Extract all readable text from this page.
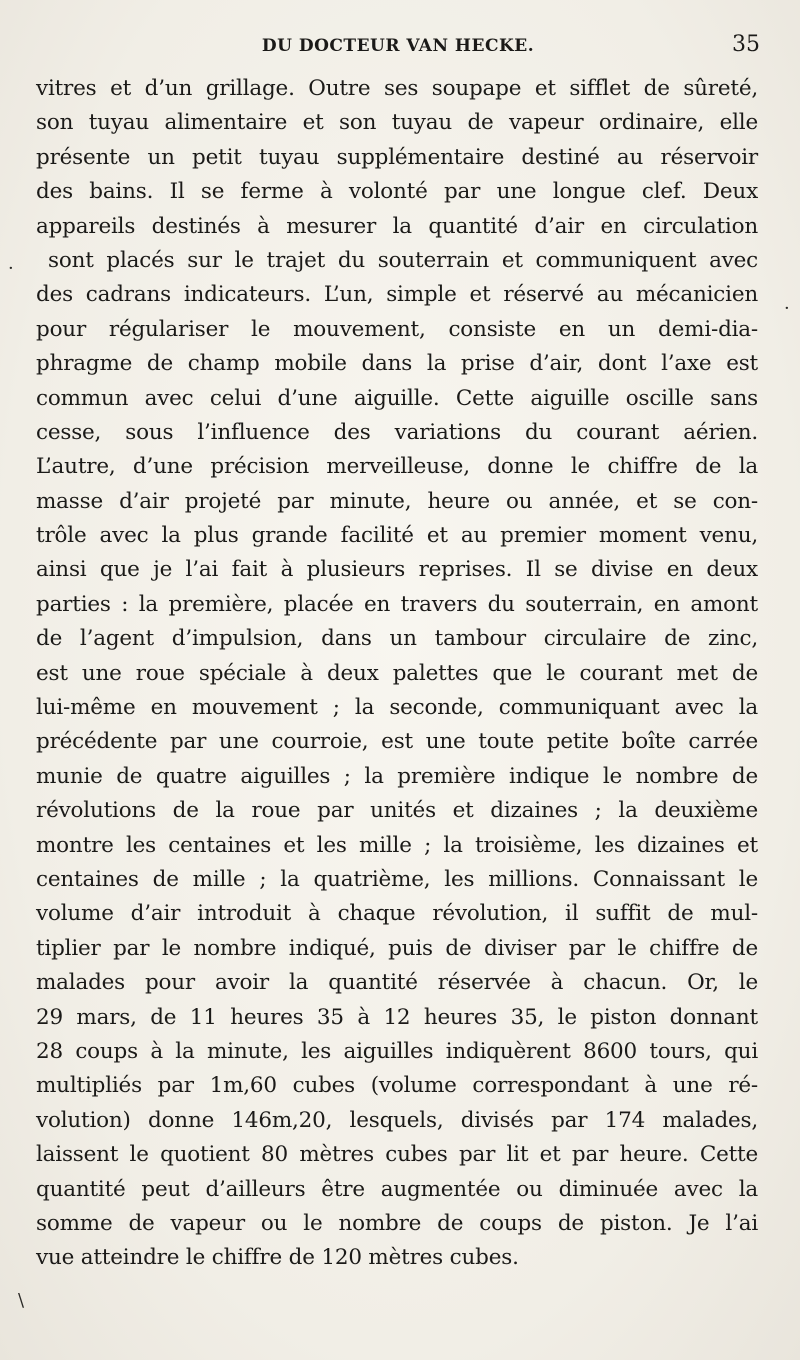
DU DOCTEUR VAN HECKE.	35
vitres et d’un grillage. Outre ses soupape et sifflet de sûreté,
son tuyau alimentaire et son tuyau de vapeur ordinaire, elle
présente un petit tuyau supplémentaire destiné au réservoir
des bains. Il se ferme à volonté par une longue clef. Deux
appareils destinés à mesurer la quantité d’air en circulation
sont placés sur le trajet du souterrain et communiquent avec
des cadrans indicateurs. L’un, simple et réservé au mécanicien
pour régulariser le mouvement, consiste en un demi-dia-
phragme de champ mobile dans la prise d’air, dont l’axe est
commun avec celui d’une aiguille. Cette aiguille oscille sans
cesse, sous l’influence des variations du courant aérien.
L’autre, d’une précision merveilleuse, donne le chiffre de la
masse d’air projeté par minute, heure ou année, et se con-
trôle avec la plus grande facilité et au premier moment venu,
ainsi que je l’ai fait à plusieurs reprises. Il se divise en deux
parties : la première, placée en travers du souterrain, en amont
de l’agent d’impulsion, dans un tambour circulaire de zinc,
est une roue spéciale à deux palettes que le courant met de
lui-même en mouvement ; la seconde, communiquant avec la
précédente par une courroie, est une toute petite boîte carrée
munie de quatre aiguilles ; la première indique le nombre de
révolutions de la roue par unités et dizaines ; la deuxième
montre les centaines et les mille ; la troisième, les dizaines et
centaines de mille ; la quatrième, les millions. Connaissant le
volume d’air introduit à chaque révolution, il suffit de mul-
tiplier par le nombre indiqué, puis de diviser par le chiffre de
malades pour avoir la quantité réservée à chacun. Or, le
29 mars, de 11 heures 35 à 12 heures 35, le piston donnant
28 coups à la minute, les aiguilles indiquèrent 8600 tours, qui
multipliés par 1m,60 cubes (volume correspondant à une ré-
volution) donne 146m,20, lesquels, divisés par 174 malades,
laissent le quotient 80 mètres cubes par lit et par heure. Cette
quantité peut d’ailleurs être augmentée ou diminuée avec la
somme de vapeur ou le nombre de coups de piston. Je l’ai
vue atteindre le chiffre de 120 mètres cubes.
·
·
\
